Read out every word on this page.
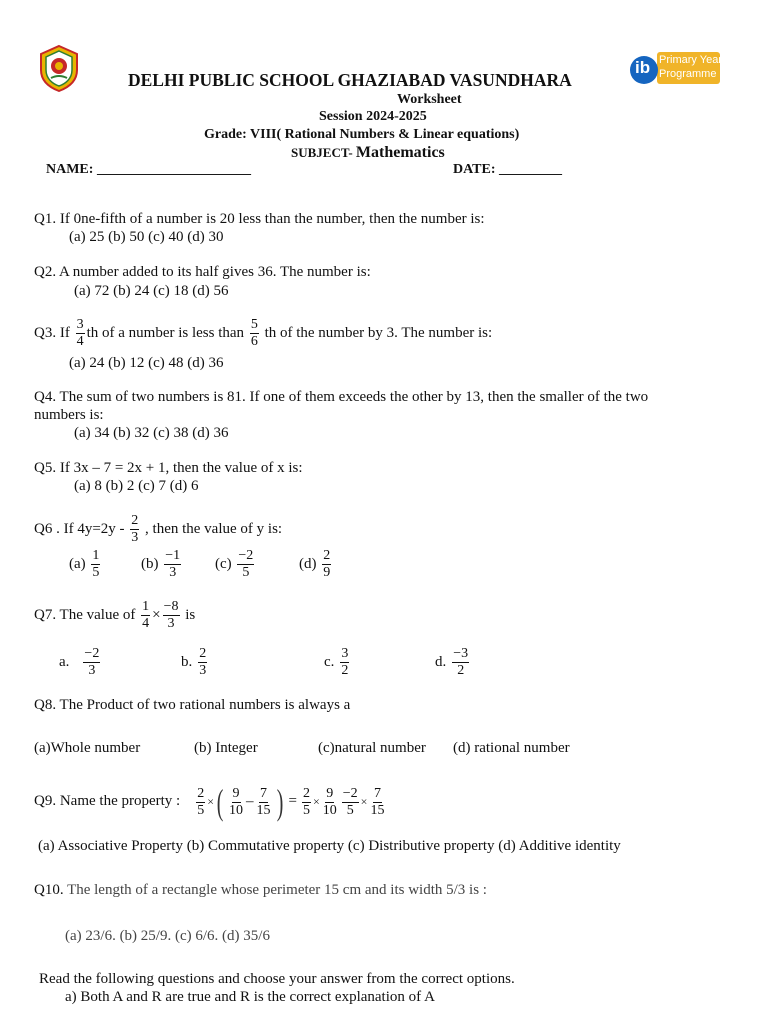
ib Primary Years
Programme
DELHI PUBLIC SCHOOL GHAZIABAD VASUNDHARA
Worksheet
Session 2024-2025
Grade: VIII( Rational Numbers & Linear equations)
SUBJECT- Mathematics
NAME: ______________________	DATE: _________
Q1. If 0ne-fifth of a number is 20 less than the number, then the number is:
(a) 25 (b) 50 (c) 40 (d) 30
Q2. A number added to its half gives 36. The number is:
(a) 72 (b) 24 (c) 18 (d) 56
Q3. If $\frac{3}{4}$ th of a number is less than $\frac{5}{6}$ th of the number by 3. The number is:
(a) 24 (b) 12 (c) 48 (d) 36
Q4. The sum of two numbers is 81. If one of them exceeds the other by 13, then the smaller of the two
numbers is:
(a) 34 (b) 32 (c) 38 (d) 36
Q5. If 3x – 7 = 2x + 1, then the value of x is:
(a) 8 (b) 2 (c) 7 (d) 6
Q6 . If $4y=2y - \frac{2}{3}$ , then the value of y is:
$(a) \frac{1}{5}$	$(b) \frac{-1}{3} (c) \frac{-2}{5}$	$(d) \frac{2}{9}$
Q7. The value of $\frac{1}{4} \times \frac{-8}{3}$ is
a. $\frac{-2}{3}$	b. $\frac{2}{3}$	c. $\frac{3}{2}$	d. $\frac{-3}{2}$
Q8. The Product of two rational numbers is always a
(a)Whole number	(b) Integer	(c)natural number (d) rational number
Q9. Name the property : $\frac{2}{5}$ ×( $\frac{9}{10} - \frac{7}{15}$ ) = $\frac{2}{5} \times \frac{9}{10} \frac{-2}{5} \times \frac{7}{15}$
(a) Associative Property (b) Commutative property (c) Distributive property (d) Additive identity
Q10. The length of a rectangle whose perimeter 15 cm and its width 5/3 is :
(a) 23/6. (b) 25/9. (c) 6/6. (d) 35/6
Read the following questions and choose your answer from the correct options.
a) Both A and R are true and R is the correct explanation of A
